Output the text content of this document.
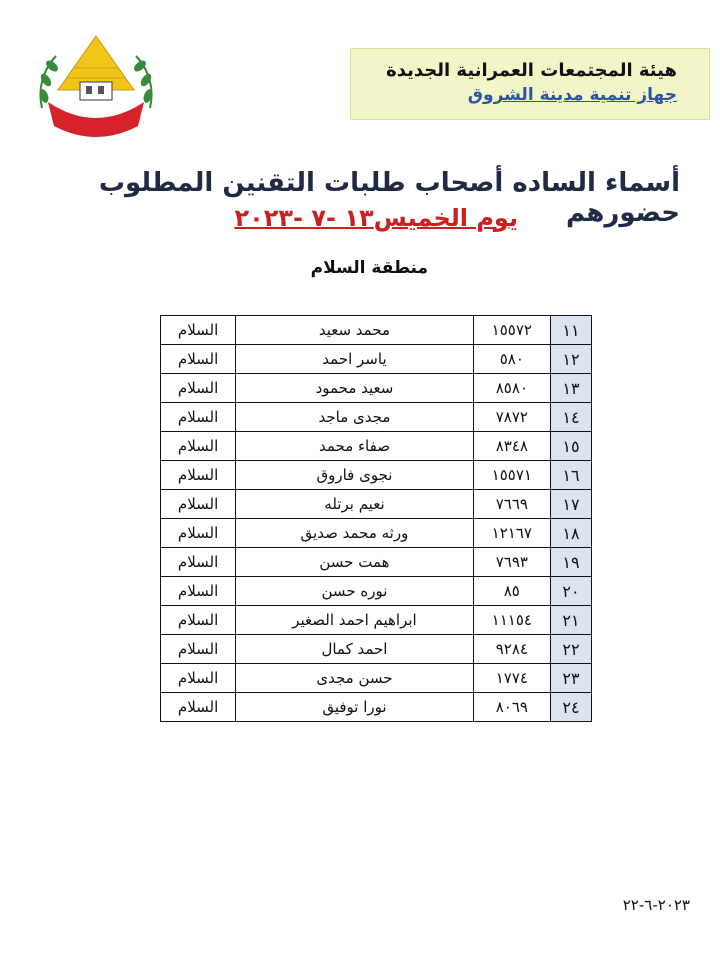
هيئة المجتمعات العمرانية الجديدة
جهاز تنمية مدينة الشروق
أسماء الساده أصحاب طلبات التقنين المطلوب حضورهم
يوم الخميس١٣ -٧ -٢٠٢٣
منطقة السلام
١١	١٥٥٧٢	محمد سعيد	السلام
١٢	٥٨٠	ياسر احمد	السلام
١٣	٨٥٨٠	سعيد محمود	السلام
١٤	٧٨٧٢	مجدى ماجد	السلام
١٥	٨٣٤٨	صفاء محمد	السلام
١٦	١٥٥٧١	نجوى فاروق	السلام
١٧	٧٦٦٩	نعيم برتله	السلام
١٨	١٢١٦٧	ورثه محمد صديق	السلام
١٩	٧٦٩٣	همت حسن	السلام
٢٠	٨٥	نوره حسن	السلام
٢١	١١١٥٤	ابراهيم احمد الصغير	السلام
٢٢	٩٢٨٤	احمد كمال	السلام
٢٣	١٧٧٤	حسن مجدى	السلام
٢٤	٨٠٦٩	نورا توفيق	السلام
٢٠٢٣-٦-٢٢
